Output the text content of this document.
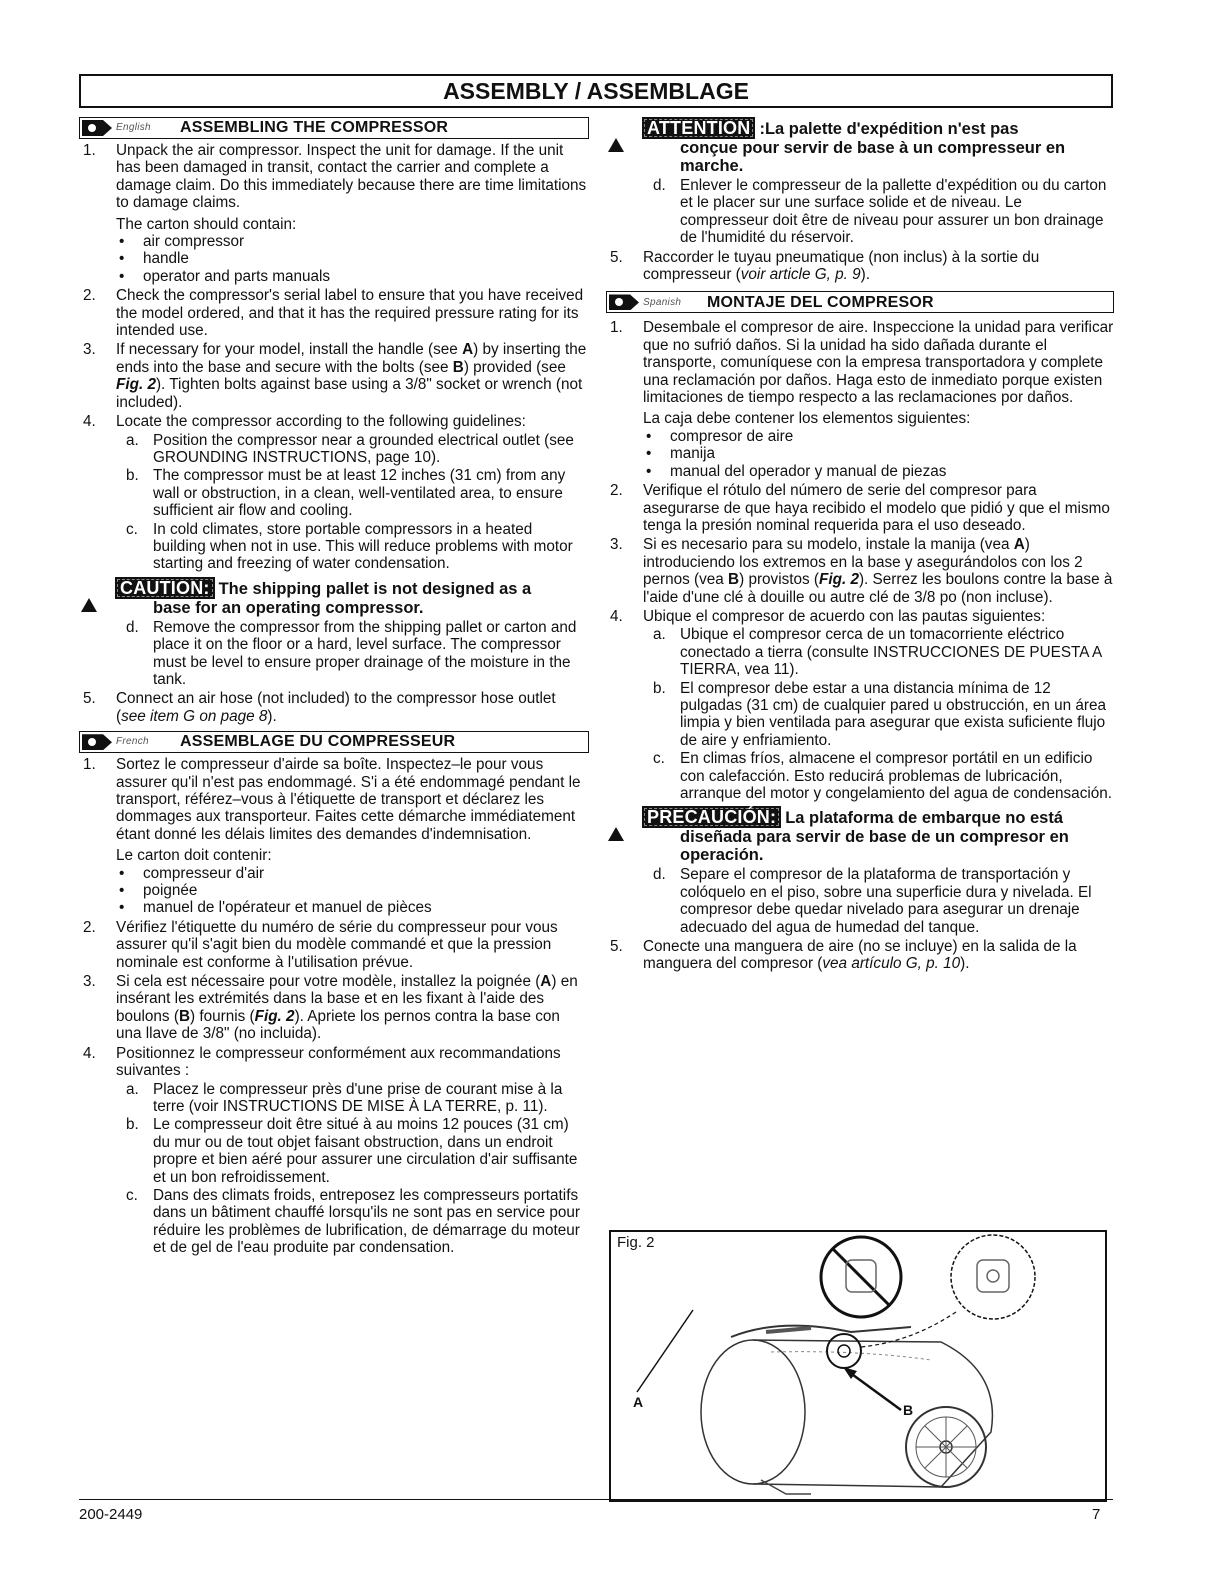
ASSEMBLY / ASSEMBLAGE
English ASSEMBLING THE COMPRESSOR
1.	Unpack the air compressor. Inspect the unit for damage. If the unit has been damaged in transit, contact the carrier and complete a damage claim. Do this immediately because there are time limitations to damage claims.
The carton should contain:
•	air compressor
•	handle
•	operator and parts manuals
2.	Check the compressor's serial label to ensure that you have received the model ordered, and that it has the required pressure rating for its intended use.
3.	If necessary for your model, install the handle (see A) by inserting the ends into the base and secure with the bolts (see B) provided (see Fig. 2). Tighten bolts against base using a 3/8" socket or wrench (not included).
4.	Locate the compressor according to the following guidelines:
a. Position the compressor near a grounded electrical outlet (see GROUNDING INSTRUCTIONS, page 10).
b. The compressor must be at least 12 inches (31 cm) from any wall or obstruction, in a clean, well-ventilated area, to ensure sufficient air flow and cooling.
c. In cold climates, store portable compressors in a heated building when not in use. This will reduce problems with motor starting and freezing of water condensation.
!
CAUTION: The shipping pallet is not designed as a
base for an operating compressor.
d. Remove the compressor from the shipping pallet or carton and place it on the floor or a hard, level surface. The compressor must be level to ensure proper drainage of the moisture in the tank.
5.	Connect an air hose (not included) to the compressor hose outlet (see item G on page 8).
French ASSEMBLAGE DU COMPRESSEUR
1.	Sortez le compresseur d'airde sa boîte. Inspectez–le pour vous assurer qu'il n'est pas endommagé. S'i a été endommagé pendant le transport, référez–vous à l'étiquette de transport et déclarez les dommages aux transporteur. Faites cette démarche immédiatement étant donné les délais limites des demandes d'indemnisation.
Le carton doit contenir:
•	compresseur d'air
•	poignée
•	manuel de l'opérateur et manuel de pièces
2.	Vérifiez l'étiquette du numéro de série du compresseur pour vous assurer qu'il s'agit bien du modèle commandé et que la pression nominale est conforme à l'utilisation prévue.
3.	Si cela est nécessaire pour votre modèle, installez la poignée (A) en insérant les extrémités dans la base et en les fixant à l'aide des boulons (B) fournis (Fig. 2). Apriete los pernos contra la base con una llave de 3/8" (no incluida).
4.	Positionnez le compresseur conformément aux recommandations suivantes :
a. Placez le compresseur près d'une prise de courant mise à la terre (voir INSTRUCTIONS DE MISE À LA TERRE, p. 11).
b. Le compresseur doit être situé à au moins 12 pouces (31 cm) du mur ou de tout objet faisant obstruction, dans un endroit propre et bien aéré pour assurer une circulation d'air suffisante et un bon refroidissement.
c. Dans des climats froids, entreposez les compresseurs portatifs dans un bâtiment chauffé lorsqu'ils ne sont pas en service pour réduire les problèmes de lubrification, de démarrage du moteur et de gel de l'eau produite par condensation.
!
ATTENTION :La palette d'expédition n'est pas
conçue pour servir de base à un compresseur en marche.
d. Enlever le compresseur de la pallette d'expédition ou du carton et le placer sur une surface solide et de niveau. Le compresseur doit être de niveau pour assurer un bon drainage de l'humidité du réservoir.
5.	Raccorder le tuyau pneumatique (non inclus) à la sortie du compresseur (voir article G, p. 9).
Spanish MONTAJE DEL COMPRESOR
1.	Desembale el compresor de aire. Inspeccione la unidad para verificar que no sufrió daños. Si la unidad ha sido dañada durante el transporte, comuníquese con la empresa transportadora y complete una reclamación por daños. Haga esto de inmediato porque existen limitaciones de tiempo respecto a las reclamaciones por daños.
La caja debe contener los elementos siguientes:
•	compresor de aire
•	manija
•	manual del operador y manual de piezas
2.	Verifique el rótulo del número de serie del compresor para asegurarse de que haya recibido el modelo que pidió y que el mismo tenga la presión nominal requerida para el uso deseado.
3.	Si es necesario para su modelo, instale la manija (vea A) introduciendo los extremos en la base y asegurándolos con los 2 pernos (vea B) provistos (Fig. 2). Serrez les boulons contre la base à l'aide d'une clé à douille ou autre clé de 3/8 po (non incluse).
4.	Ubique el compresor de acuerdo con las pautas siguientes:
a. Ubique el compresor cerca de un tomacorriente eléctrico conectado a tierra (consulte INSTRUCCIONES DE PUESTA A TIERRA, vea 11).
b. El compresor debe estar a una distancia mínima de 12 pulgadas (31 cm) de cualquier pared u obstrucción, en un área limpia y bien ventilada para asegurar que exista suficiente flujo de aire y enfriamiento.
c. En climas fríos, almacene el compresor portátil en un edificio con calefacción. Esto reducirá problemas de lubricación, arranque del motor y congelamiento del agua de condensación.
!
PRECAUCIÓN: La plataforma de embarque no está
diseñada para servir de base de un compresor en operación.
d. Separe el compresor de la plataforma de transportación y colóquelo en el piso, sobre una superficie dura y nivelada. El compresor debe quedar nivelado para asegurar un drenaje adecuado del agua de humedad del tanque.
5.	Conecte una manguera de aire (no se incluye) en la salida de la manguera del compresor (vea artículo G, p. 10).
Fig. 2
A	B
200-2449	7
